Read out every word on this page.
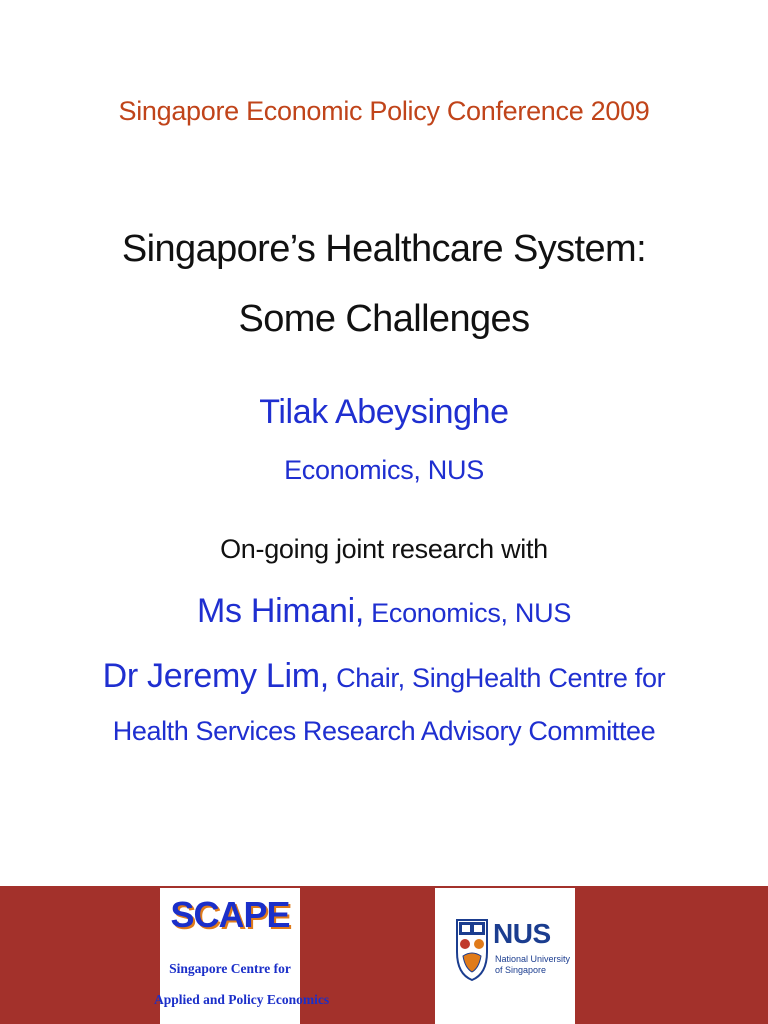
Singapore Economic Policy Conference 2009
Singapore’s Healthcare System:
Some Challenges
Tilak Abeysinghe
Economics, NUS
On-going joint research with
Ms Himani, Economics, NUS
Dr Jeremy Lim, Chair, SingHealth Centre for
Health Services Research Advisory Committee
SCAPE
Singapore Centre for
Applied and Policy Economics
NUS
National University
of Singapore
